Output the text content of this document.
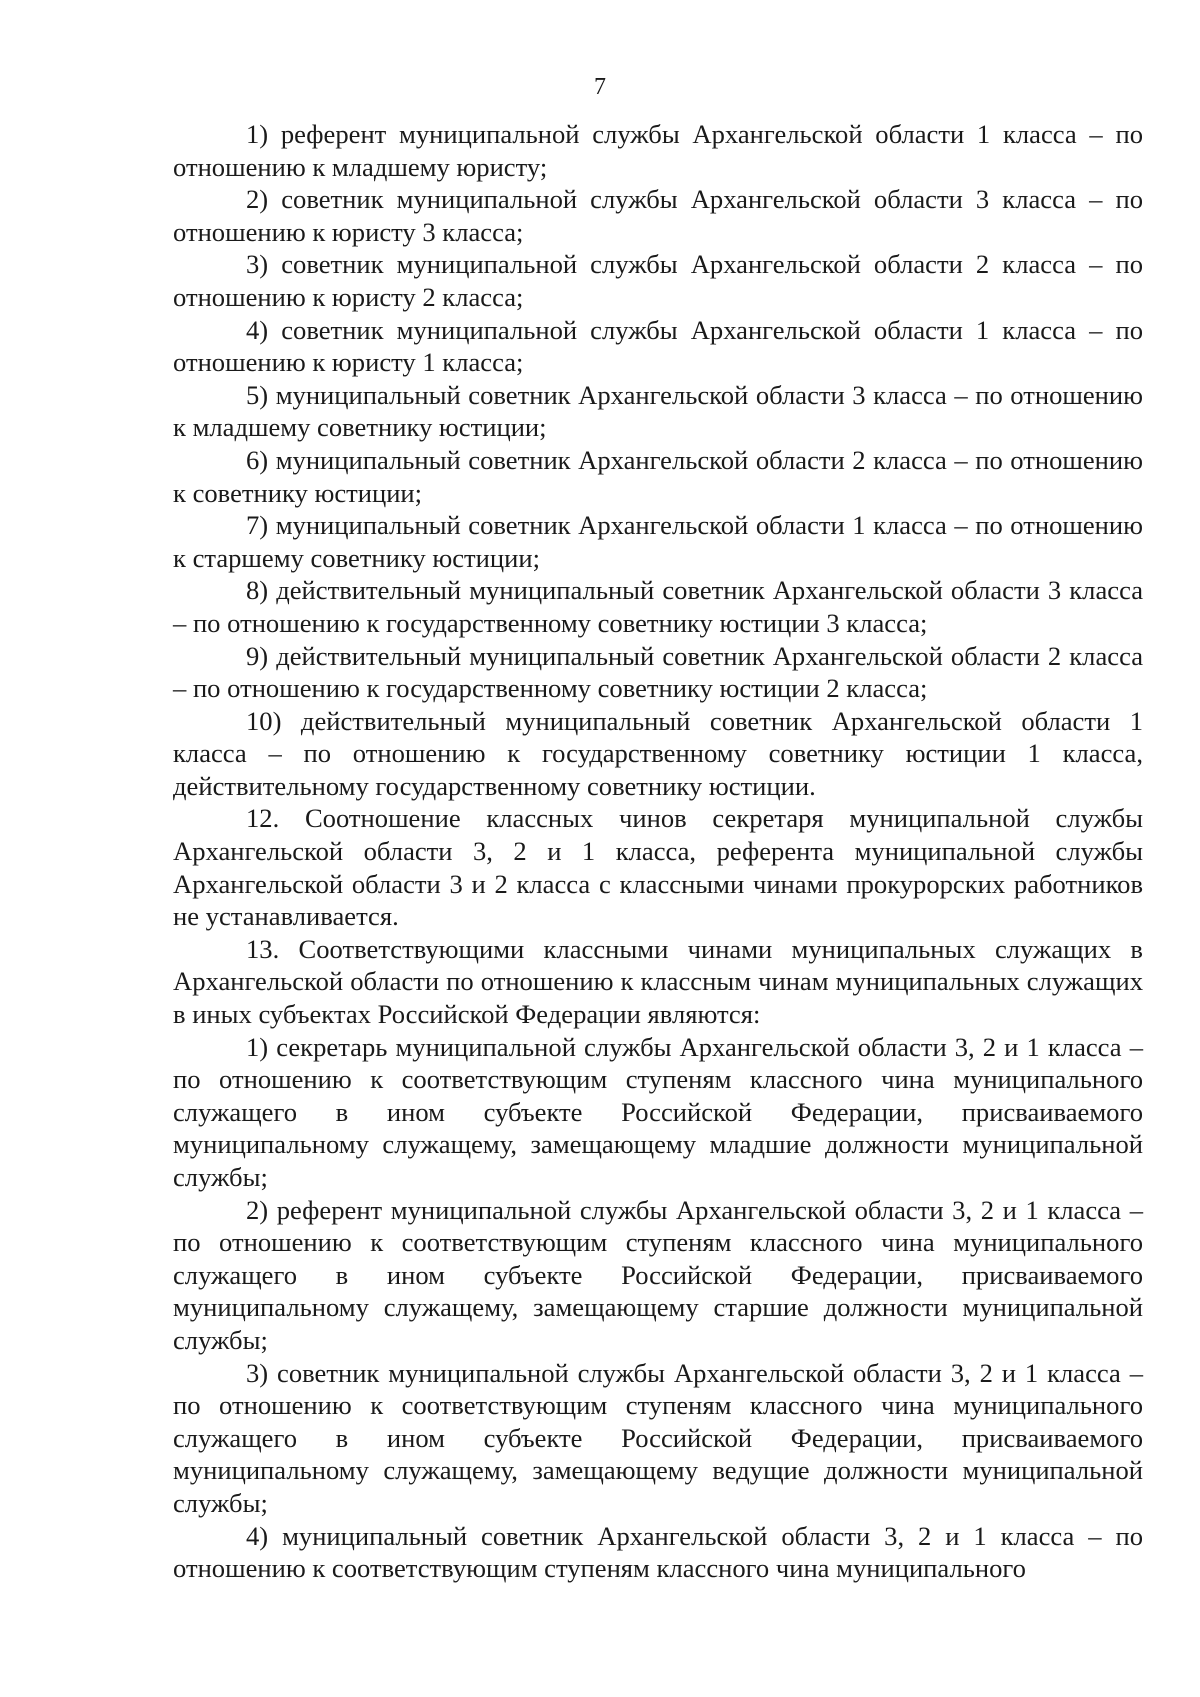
7

1) референт муниципальной службы Архангельской области 1 класса – по отношению к младшему юристу;

2) советник муниципальной службы Архангельской области 3 класса – по отношению к юристу 3 класса;

3) советник муниципальной службы Архангельской области 2 класса – по отношению к юристу 2 класса;

4) советник муниципальной службы Архангельской области 1 класса – по отношению к юристу 1 класса;

5) муниципальный советник Архангельской области 3 класса – по отношению к младшему советнику юстиции;

6) муниципальный советник Архангельской области 2 класса – по отношению к советнику юстиции;

7) муниципальный советник Архангельской области 1 класса – по отношению к старшему советнику юстиции;

8) действительный муниципальный советник Архангельской области 3 класса – по отношению к государственному советнику юстиции 3 класса;

9) действительный муниципальный советник Архангельской области 2 класса – по отношению к государственному советнику юстиции 2 класса;

10) действительный муниципальный советник Архангельской области 1 класса – по отношению к государственному советнику юстиции 1 класса, действительному государственному советнику юстиции.

12. Соотношение классных чинов секретаря муниципальной службы Архангельской области 3, 2 и 1 класса, референта муниципальной службы Архангельской области 3 и 2 класса с классными чинами прокурорских работников не устанавливается.

13. Соответствующими классными чинами муниципальных служащих в Архангельской области по отношению к классным чинам муниципальных служащих в иных субъектах Российской Федерации являются:

1) секретарь муниципальной службы Архангельской области 3, 2 и 1 класса – по отношению к соответствующим ступеням классного чина муниципального служащего в ином субъекте Российской Федерации, присваиваемого муниципальному служащему, замещающему младшие должности муниципальной службы;

2) референт муниципальной службы Архангельской области 3, 2 и 1 класса – по отношению к соответствующим ступеням классного чина муниципального служащего в ином субъекте Российской Федерации, присваиваемого муниципальному служащему, замещающему старшие должности муниципальной службы;

3) советник муниципальной службы Архангельской области 3, 2 и 1 класса – по отношению к соответствующим ступеням классного чина муниципального служащего в ином субъекте Российской Федерации, присваиваемого муниципальному служащему, замещающему ведущие должности муниципальной службы;

4) муниципальный советник Архангельской области 3, 2 и 1 класса – по отношению к соответствующим ступеням классного чина муниципального
